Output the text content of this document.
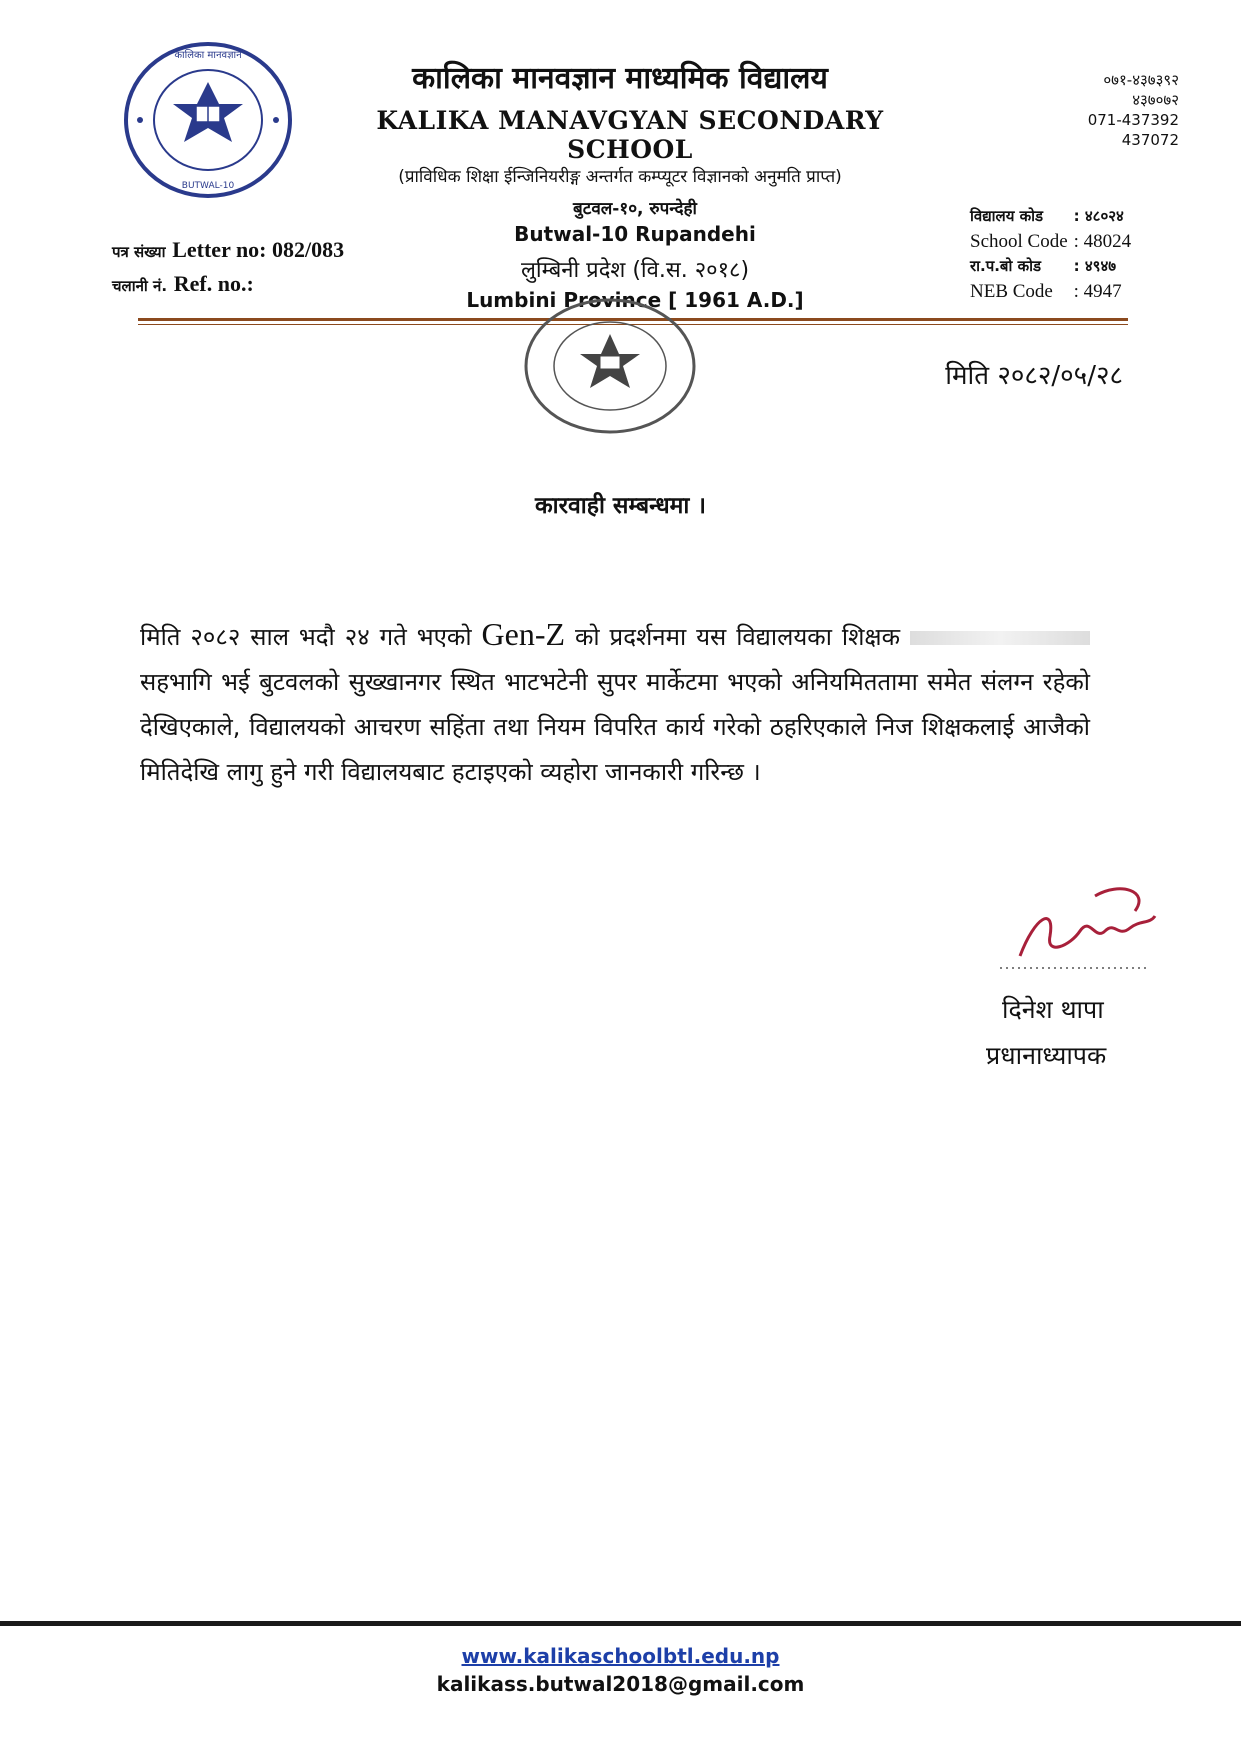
कालिका मानवज्ञान
BUTWAL-10
कालिका मानवज्ञान माध्यमिक विद्यालय
KALIKA MANAVGYAN SECONDARY SCHOOL
०७१-४३७३९२
४३७०७२
071-437392
437072
(प्राविधिक शिक्षा ईन्जिनियरीङ्ग अन्तर्गत कम्प्यूटर विज्ञानको अनुमति प्राप्त)
बुटवल-१०, रुपन्देही
Butwal-10 Rupandehi
लुम्बिनी प्रदेश (वि.स. २०१८)
Lumbini Province [ 1961 A.D.]
पत्र संख्या Letter no: 082/083
चलानी नं. Ref. no.:
विद्यालय कोड	: ४८०२४
School Code	: 48024
रा.प.बो कोड	: ४९४७
NEB Code	: 4947
मिति २०८२/०५/२८
कारवाही सम्बन्धमा ।
मिति २०८२ साल भदौ २४ गते भएको Gen-Z को प्रदर्शनमा यस विद्यालयका शिक्षक  सहभागि भई बुटवलको सुख्खानगर स्थित भाटभटेनी सुपर मार्केटमा भएको अनियमिततामा समेत संलग्न रहेको देखिएकाले, विद्यालयको आचरण सहिंता तथा नियम विपरित कार्य गरेको ठहरिएकाले निज शिक्षकलाई आजैको मितिदेखि लागु हुने गरी विद्यालयबाट हटाइएको व्यहोरा जानकारी गरिन्छ ।
दिनेश थापा
प्रधानाध्यापक
www.kalikaschoolbtl.edu.np
kalikass.butwal2018@gmail.com
